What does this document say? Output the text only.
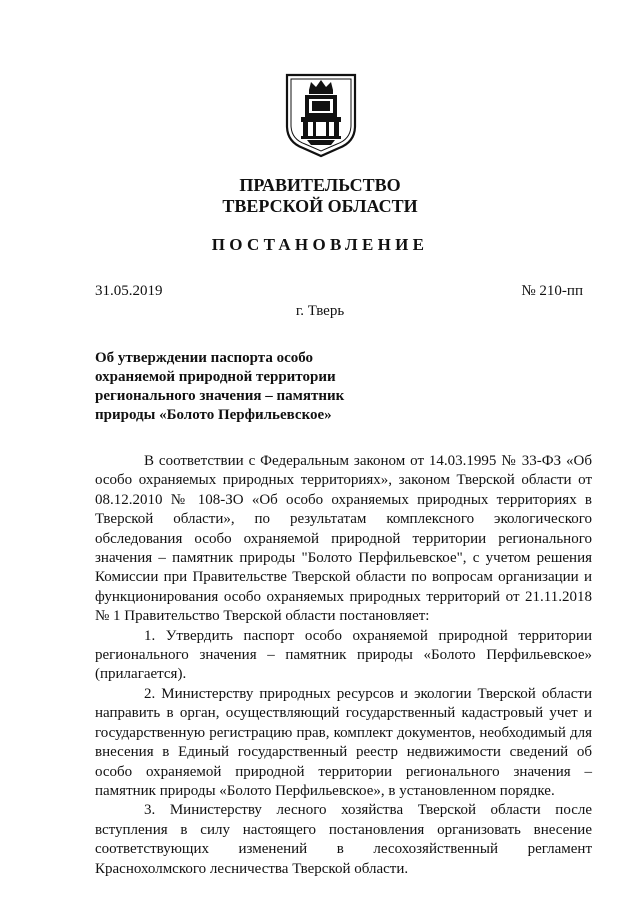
ПРАВИТЕЛЬСТВО
ТВЕРСКОЙ ОБЛАСТИ
ПОСТАНОВЛЕНИЕ
31.05.2019	№ 210-пп
г. Тверь
Об утверждении паспорта особо
охраняемой природной территории
регионального значения – памятник
природы «Болото Перфильевское»

В соответствии с Федеральным законом от 14.03.1995 № 33-ФЗ «Об особо охраняемых природных территориях», законом Тверской области от 08.12.2010 № 108-ЗО «Об особо охраняемых природных территориях в Тверской области», по результатам комплексного экологического обследования особо охраняемой природной территории регионального значения – памятник природы "Болото Перфильевское", с учетом решения Комиссии при Правительстве Тверской области по вопросам организации и функционирования особо охраняемых природных территорий от 21.11.2018 № 1 Правительство Тверской области постановляет:

1. Утвердить паспорт особо охраняемой природной территории регионального значения – памятник природы «Болото Перфильевское» (прилагается).

2. Министерству природных ресурсов и экологии Тверской области направить в орган, осуществляющий государственный кадастровый учет и государственную регистрацию прав, комплект документов, необходимый для внесения в Единый государственный реестр недвижимости сведений об особо охраняемой природной территории регионального значения – памятник природы «Болото Перфильевское», в установленном порядке.

3. Министерству лесного хозяйства Тверской области после вступления в силу настоящего постановления организовать внесение соответствующих изменений в лесохозяйственный регламент Краснохолмского лесничества Тверской области.
